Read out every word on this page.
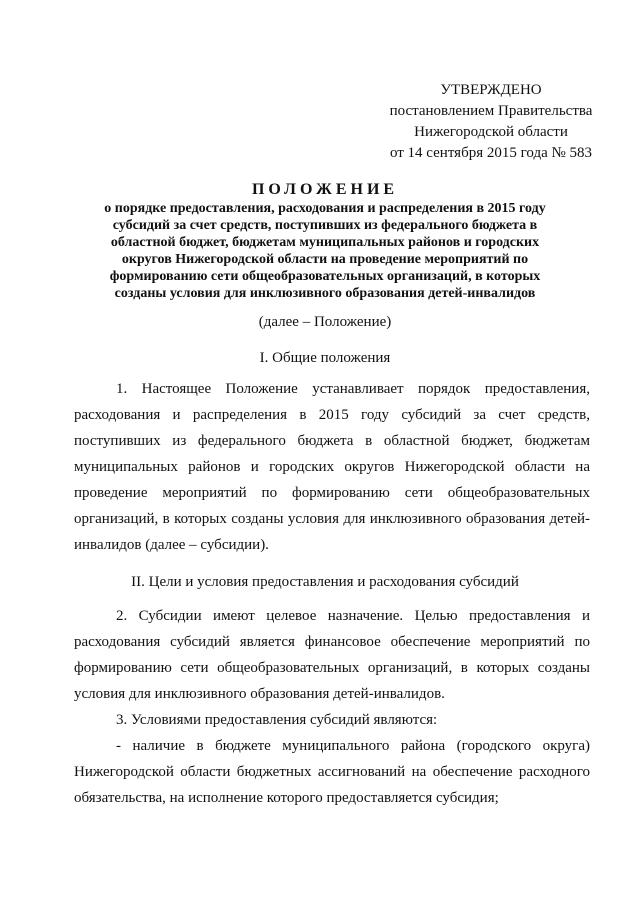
УТВЕРЖДЕНО
постановлением Правительства
Нижегородской области
от 14 сентября 2015 года № 583
ПОЛОЖЕНИЕ
о порядке предоставления, расходования и распределения в 2015 году
субсидий за счет средств, поступивших из федерального бюджета в
областной бюджет, бюджетам муниципальных районов и городских
округов Нижегородской области на проведение мероприятий по
формированию сети общеобразовательных организаций, в которых
созданы условия для инклюзивного образования детей-инвалидов
(далее – Положение)
I. Общие положения

1. Настоящее Положение устанавливает порядок предоставления, расходования и распределения в 2015 году субсидий за счет средств, поступивших из федерального бюджета в областной бюджет, бюджетам муниципальных районов и городских округов Нижегородской области на проведение мероприятий по формированию сети общеобразовательных организаций, в которых созданы условия для инклюзивного образования детей-инвалидов (далее – субсидии).

II. Цели и условия предоставления и расходования субсидий

2. Субсидии имеют целевое назначение. Целью предоставления и расходования субсидий является финансовое обеспечение мероприятий по формированию сети общеобразовательных организаций, в которых созданы условия для инклюзивного образования детей-инвалидов.

3. Условиями предоставления субсидий являются:

- наличие в бюджете муниципального района (городского округа) Нижегородской области бюджетных ассигнований на обеспечение расходного обязательства, на исполнение которого предоставляется субсидия;
